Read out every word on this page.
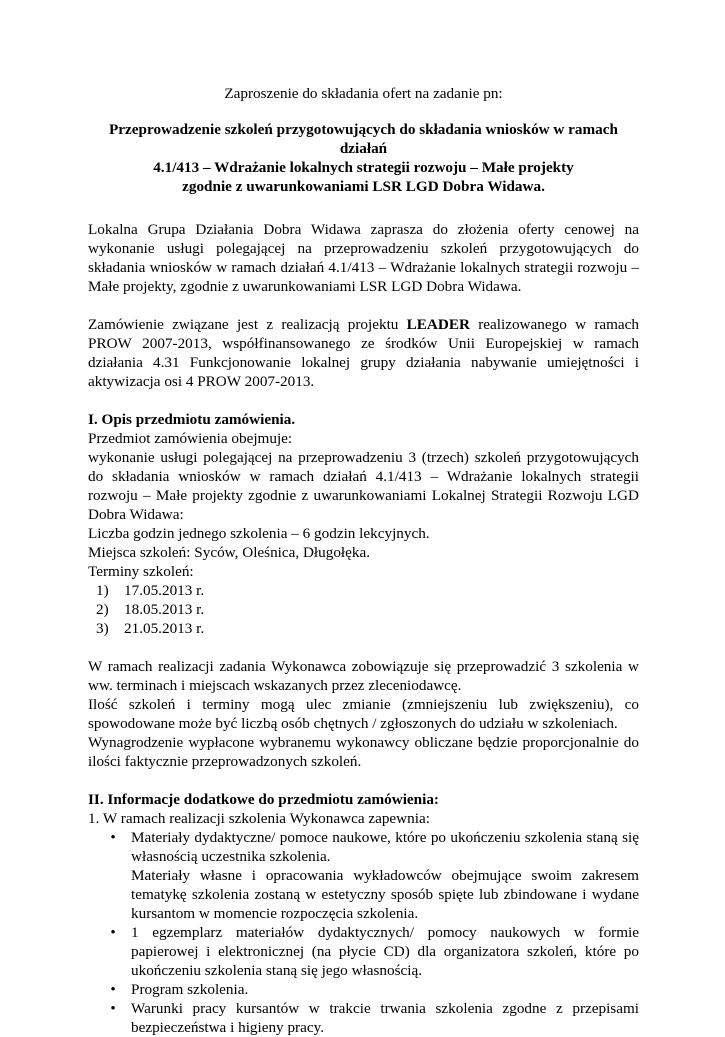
Zaproszenie do składania ofert na zadanie pn:
Przeprowadzenie szkoleń przygotowujących do składania wniosków w ramach działań
4.1/413 – Wdrażanie lokalnych strategii rozwoju – Małe projekty
zgodnie z uwarunkowaniami LSR LGD Dobra Widawa.

Lokalna Grupa Działania Dobra Widawa zaprasza do złożenia oferty cenowej na wykonanie usługi polegającej na przeprowadzeniu szkoleń przygotowujących do składania wniosków w ramach działań 4.1/413 – Wdrażanie lokalnych strategii rozwoju – Małe projekty, zgodnie z uwarunkowaniami LSR LGD Dobra Widawa.

Zamówienie związane jest z realizacją projektu LEADER realizowanego w ramach PROW 2007-2013, współfinansowanego ze środków Unii Europejskiej w ramach działania 4.31 Funkcjonowanie lokalnej grupy działania nabywanie umiejętności i aktywizacja osi 4 PROW 2007-2013.

I. Opis przedmiotu zamówienia.

Przedmiot zamówienia obejmuje:

wykonanie usługi polegającej na przeprowadzeniu 3 (trzech) szkoleń przygotowujących do składania wniosków w ramach działań 4.1/413 – Wdrażanie lokalnych strategii rozwoju – Małe projekty zgodnie z uwarunkowaniami Lokalnej Strategii Rozwoju LGD Dobra Widawa:

Liczba godzin jednego szkolenia – 6 godzin lekcyjnych.

Miejsca szkoleń: Syców, Oleśnica, Długołęka.

Terminy szkoleń:

1) 17.05.2013 r.
2) 18.05.2013 r.
3) 21.05.2013 r.

W ramach realizacji zadania Wykonawca zobowiązuje się przeprowadzić 3 szkolenia w ww. terminach i miejscach wskazanych przez zleceniodawcę.

Ilość szkoleń i terminy mogą ulec zmianie (zmniejszeniu lub zwiększeniu), co spowodowane może być liczbą osób chętnych / zgłoszonych do udziału w szkoleniach.

Wynagrodzenie wypłacone wybranemu wykonawcy obliczane będzie proporcjonalnie do ilości faktycznie przeprowadzonych szkoleń.

II. Informacje dodatkowe do przedmiotu zamówienia:

1. W ramach realizacji szkolenia Wykonawca zapewnia:

• Materiały dydaktyczne/ pomoce naukowe, które po ukończeniu szkolenia staną się własnością uczestnika szkolenia.
Materiały własne i opracowania wykładowców obejmujące swoim zakresem tematykę szkolenia zostaną w estetyczny sposób spięte lub zbindowane i wydane kursantom w momencie rozpoczęcia szkolenia.
• 1 egzemplarz materiałów dydaktycznych/ pomocy naukowych w formie papierowej i elektronicznej (na płycie CD) dla organizatora szkoleń, które po ukończeniu szkolenia staną się jego własnością.
• Program szkolenia.
• Warunki pracy kursantów w trakcie trwania szkolenia zgodne z przepisami bezpieczeństwa i higieny pracy.
